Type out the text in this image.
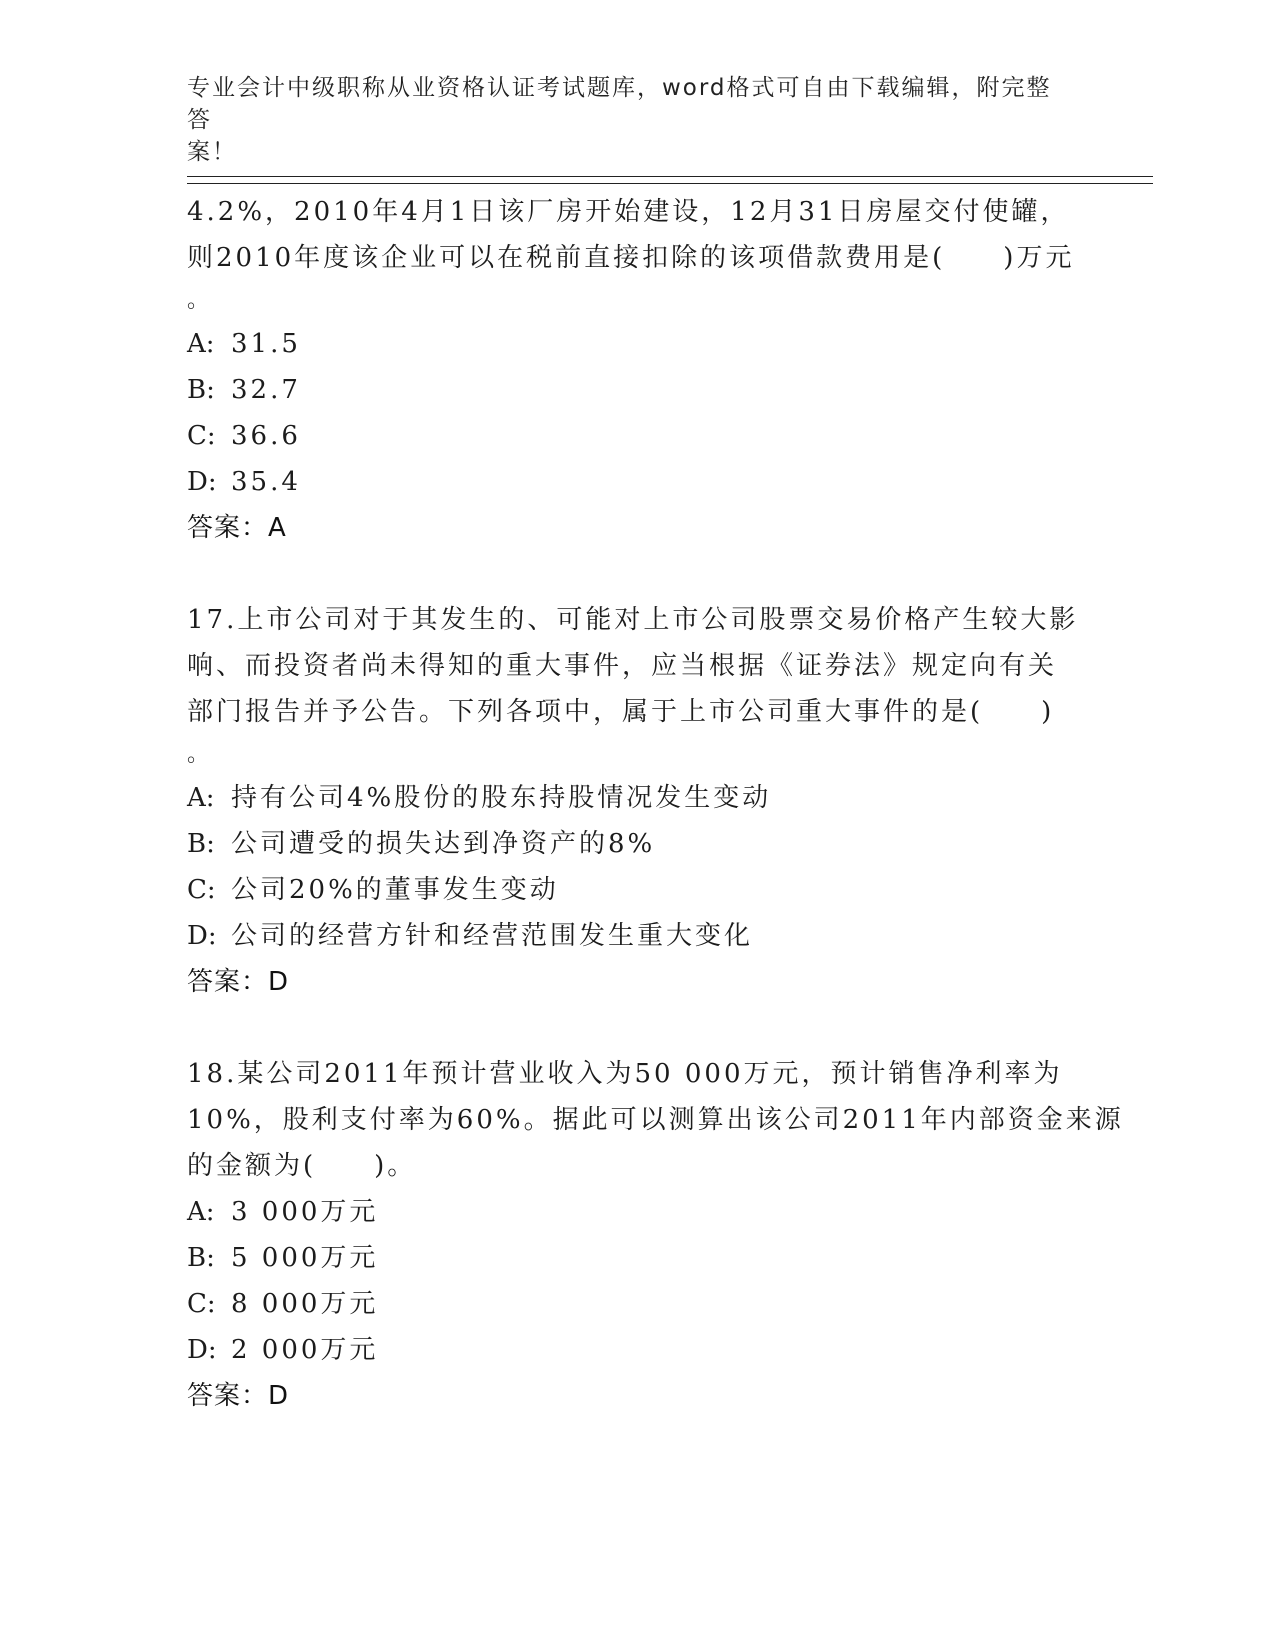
专业会计中级职称从业资格认证考试题库，word格式可自由下载编辑，附完整答
案！
4.2%，2010年4月1日该厂房开始建设，12月31日房屋交付使罐，
则2010年度该企业可以在税前直接扣除的该项借款费用是(　　)万元
。
A: 31.5
B: 32.7
C: 36.6
D: 35.4
答案：A
17.上市公司对于其发生的、可能对上市公司股票交易价格产生较大影
响、而投资者尚未得知的重大事件，应当根据《证券法》规定向有关
部门报告并予公告。下列各项中，属于上市公司重大事件的是(　　)
。
A: 持有公司4%股份的股东持股情况发生变动
B: 公司遭受的损失达到净资产的8%
C: 公司20%的董事发生变动
D: 公司的经营方针和经营范围发生重大变化
答案：D
18.某公司2011年预计营业收入为50 000万元，预计销售净利率为
10%，股利支付率为60%。据此可以测算出该公司2011年内部资金来源
的金额为(　　)。
A: 3 000万元
B: 5 000万元
C: 8 000万元
D: 2 000万元
答案：D
